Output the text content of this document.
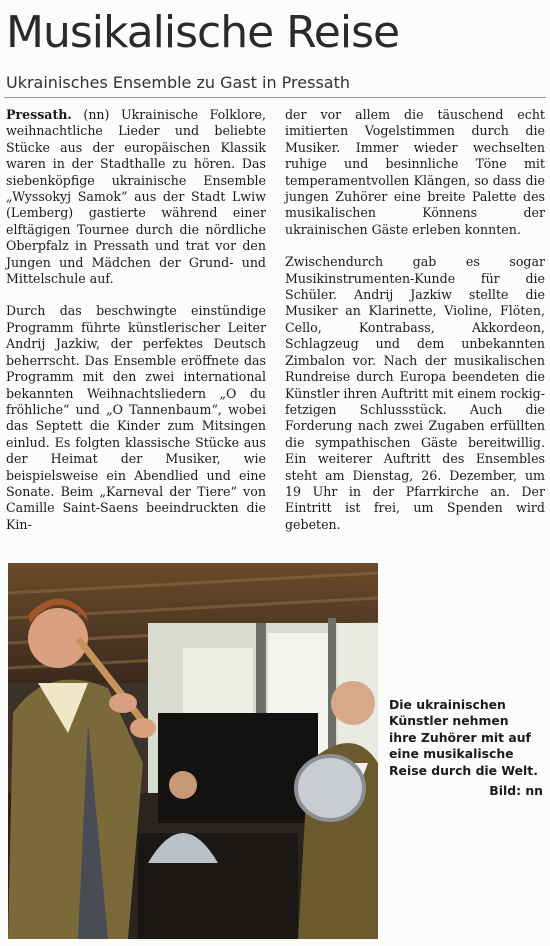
Musikalische Reise
Ukrainisches Ensemble zu Gast in Pressath

Pressath. (nn) Ukrainische Folklore, weihnachtliche Lieder und beliebte Stücke aus der europäischen Klassik waren in der Stadthalle zu hören. Das siebenköpfige ukrainische Ensemble „Wyssokyj Samok“ aus der Stadt Lwiw (Lemberg) gastierte während einer elftägigen Tournee durch die nördliche Oberpfalz in Pressath und trat vor den Jungen und Mädchen der Grund- und Mittelschule auf.

Durch das beschwingte einstündige Programm führte künstlerischer Leiter Andrij Jazkiw, der perfektes Deutsch beherrscht. Das Ensemble eröffnete das Programm mit den zwei international bekannten Weihnachtsliedern „O du fröhliche“ und „O Tannenbaum“, wobei das Septett die Kinder zum Mitsingen einlud. Es folgten klassische Stücke aus der Heimat der Musiker, wie beispielsweise ein Abendlied und eine Sonate. Beim „Karneval der Tiere“ von Camille Saint-Saens beeindruckten die Kin-

der vor allem die täuschend echt imitierten Vogelstimmen durch die Musiker. Immer wieder wechselten ruhige und besinnliche Töne mit temperamentvollen Klängen, so dass die jungen Zuhörer eine breite Palette des musikalischen Könnens der ukrainischen Gäste erleben konnten.

Zwischendurch gab es sogar Musikinstrumenten-Kunde für die Schüler. Andrij Jazkiw stellte die Musiker an Klarinette, Violine, Flöten, Cello, Kontrabass, Akkordeon, Schlagzeug und dem unbekannten Zimbalon vor. Nach der musikalischen Rundreise durch Europa beendeten die Künstler ihren Auftritt mit einem rockig-fetzigen Schlussstück. Auch die Forderung nach zwei Zugaben erfüllten die sympathischen Gäste bereitwillig. Ein weiterer Auftritt des Ensembles steht am Dienstag, 26. Dezember, um 19 Uhr in der Pfarrkirche an. Der Eintritt ist frei, um Spenden wird gebeten.

Die ukrainischen Künstler nehmen ihre Zuhörer mit auf eine musikalische Reise durch die Welt.
Bild: nn
